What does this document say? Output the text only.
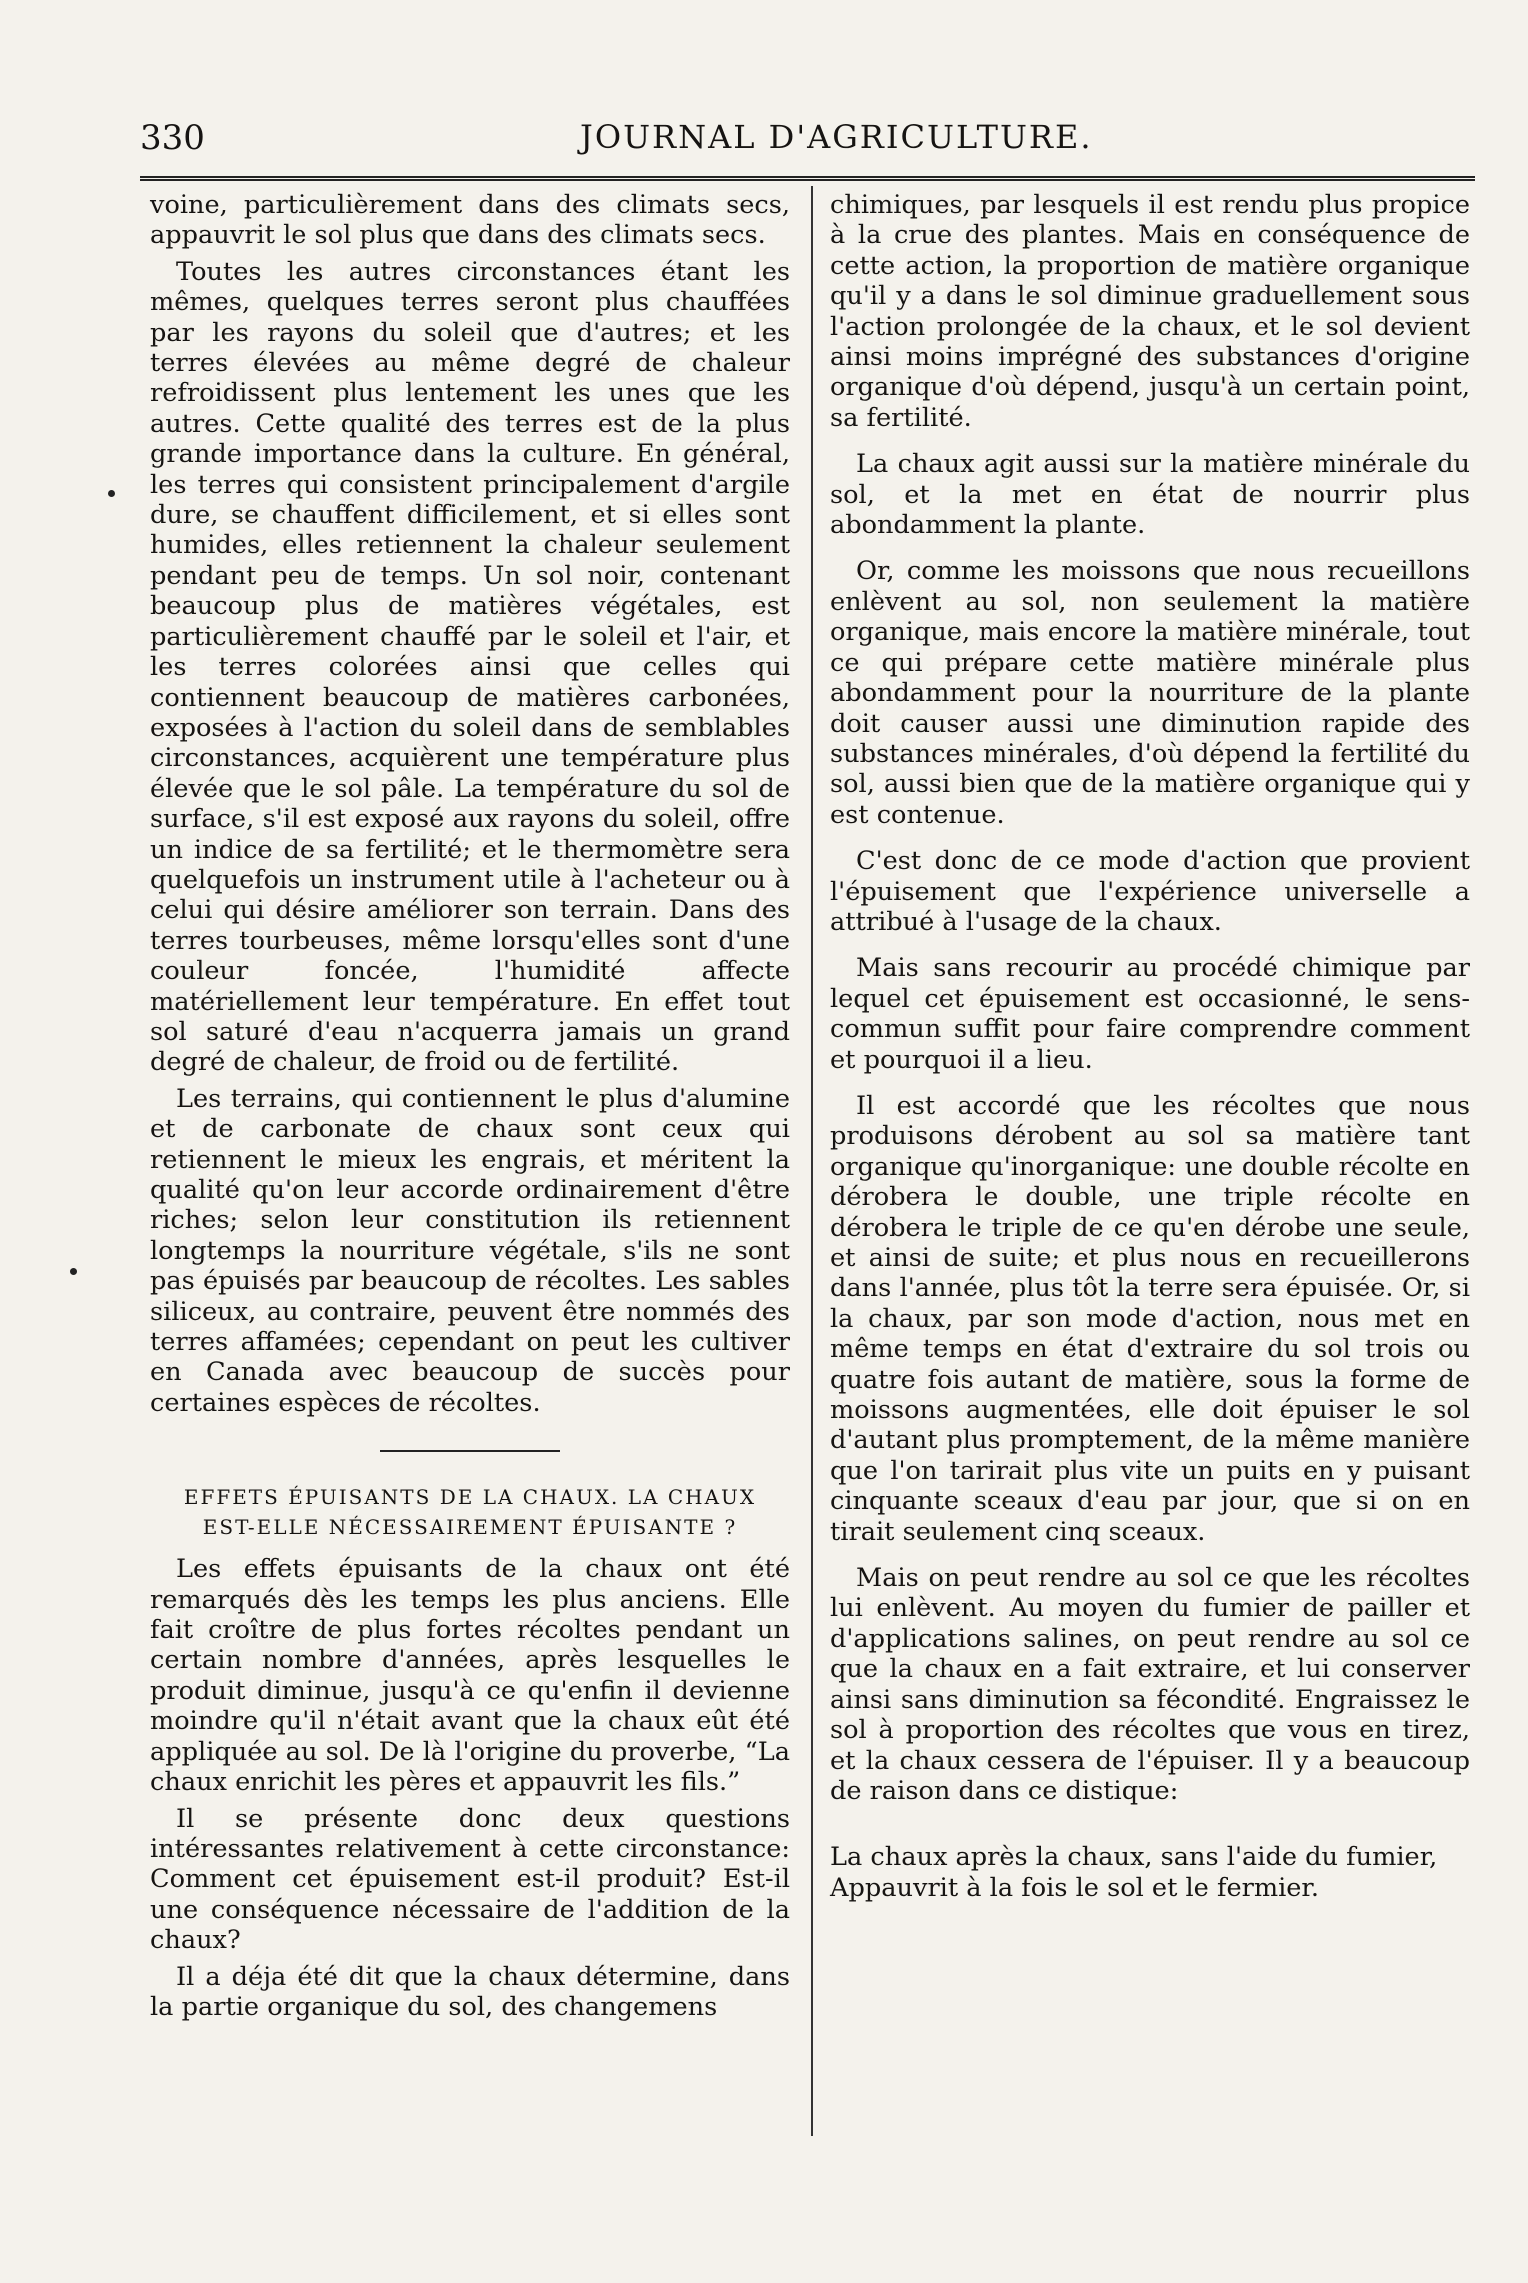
330	JOURNAL D'AGRICULTURE.

voine, particulièrement dans des climats secs, appauvrit le sol plus que dans des climats secs.

Toutes les autres circonstances étant les mêmes, quelques terres seront plus chauffées par les rayons du soleil que d'autres; et les terres élevées au même degré de chaleur refroidissent plus lentement les unes que les autres. Cette qualité des terres est de la plus grande importance dans la culture. En général, les terres qui consistent principalement d'argile dure, se chauffent difficilement, et si elles sont humides, elles retiennent la chaleur seulement pendant peu de temps. Un sol noir, contenant beaucoup plus de matières végétales, est particulièrement chauffé par le soleil et l'air, et les terres colorées ainsi que celles qui contiennent beaucoup de matières carbonées, exposées à l'action du soleil dans de semblables circonstances, acquièrent une température plus élevée que le sol pâle. La température du sol de surface, s'il est exposé aux rayons du soleil, offre un indice de sa fertilité; et le thermomètre sera quelquefois un instrument utile à l'acheteur ou à celui qui désire améliorer son terrain. Dans des terres tourbeuses, même lorsqu'elles sont d'une couleur foncée, l'humidité affecte matériellement leur température. En effet tout sol saturé d'eau n'acquerra jamais un grand degré de chaleur, de froid ou de fertilité.

Les terrains, qui contiennent le plus d'alumine et de carbonate de chaux sont ceux qui retiennent le mieux les engrais, et méritent la qualité qu'on leur accorde ordinairement d'être riches; selon leur constitution ils retiennent longtemps la nourriture végétale, s'ils ne sont pas épuisés par beaucoup de récoltes. Les sables siliceux, au contraire, peuvent être nommés des terres affamées; cependant on peut les cultiver en Canada avec beaucoup de succès pour certaines espèces de récoltes.

EFFETS ÉPUISANTS DE LA CHAUX. LA CHAUX
EST-ELLE NÉCESSAIREMENT ÉPUISANTE ?

Les effets épuisants de la chaux ont été remarqués dès les temps les plus anciens. Elle fait croître de plus fortes récoltes pendant un certain nombre d'années, après lesquelles le produit diminue, jusqu'à ce qu'enfin il devienne moindre qu'il n'était avant que la chaux eût été appliquée au sol. De là l'origine du proverbe, “La chaux enrichit les pères et appauvrit les fils.”

Il se présente donc deux questions intéressantes relativement à cette circonstance: Comment cet épuisement est-il produit? Est-il une conséquence nécessaire de l'addition de la chaux?

Il a déja été dit que la chaux détermine, dans la partie organique du sol, des changemens

chimiques, par lesquels il est rendu plus propice à la crue des plantes. Mais en conséquence de cette action, la proportion de matière organique qu'il y a dans le sol diminue graduellement sous l'action prolongée de la chaux, et le sol devient ainsi moins imprégné des substances d'origine organique d'où dépend, jusqu'à un certain point, sa fertilité.

La chaux agit aussi sur la matière minérale du sol, et la met en état de nourrir plus abondamment la plante.

Or, comme les moissons que nous recueillons enlèvent au sol, non seulement la matière organique, mais encore la matière minérale, tout ce qui prépare cette matière minérale plus abondamment pour la nourriture de la plante doit causer aussi une diminution rapide des substances minérales, d'où dépend la fertilité du sol, aussi bien que de la matière organique qui y est contenue.

C'est donc de ce mode d'action que provient l'épuisement que l'expérience universelle a attribué à l'usage de la chaux.

Mais sans recourir au procédé chimique par lequel cet épuisement est occasionné, le sens-commun suffit pour faire comprendre comment et pourquoi il a lieu.

Il est accordé que les récoltes que nous produisons dérobent au sol sa matière tant organique qu'inorganique: une double récolte en dérobera le double, une triple récolte en dérobera le triple de ce qu'en dérobe une seule, et ainsi de suite; et plus nous en recueillerons dans l'année, plus tôt la terre sera épuisée. Or, si la chaux, par son mode d'action, nous met en même temps en état d'extraire du sol trois ou quatre fois autant de matière, sous la forme de moissons augmentées, elle doit épuiser le sol d'autant plus promptement, de la même manière que l'on tarirait plus vite un puits en y puisant cinquante sceaux d'eau par jour, que si on en tirait seulement cinq sceaux.

Mais on peut rendre au sol ce que les récoltes lui enlèvent. Au moyen du fumier de pailler et d'applications salines, on peut rendre au sol ce que la chaux en a fait extraire, et lui conserver ainsi sans diminution sa fécondité. Engraissez le sol à proportion des récoltes que vous en tirez, et la chaux cessera de l'épuiser. Il y a beaucoup de raison dans ce distique:

La chaux après la chaux, sans l'aide du fumier,
Appauvrit à la fois le sol et le fermier.
